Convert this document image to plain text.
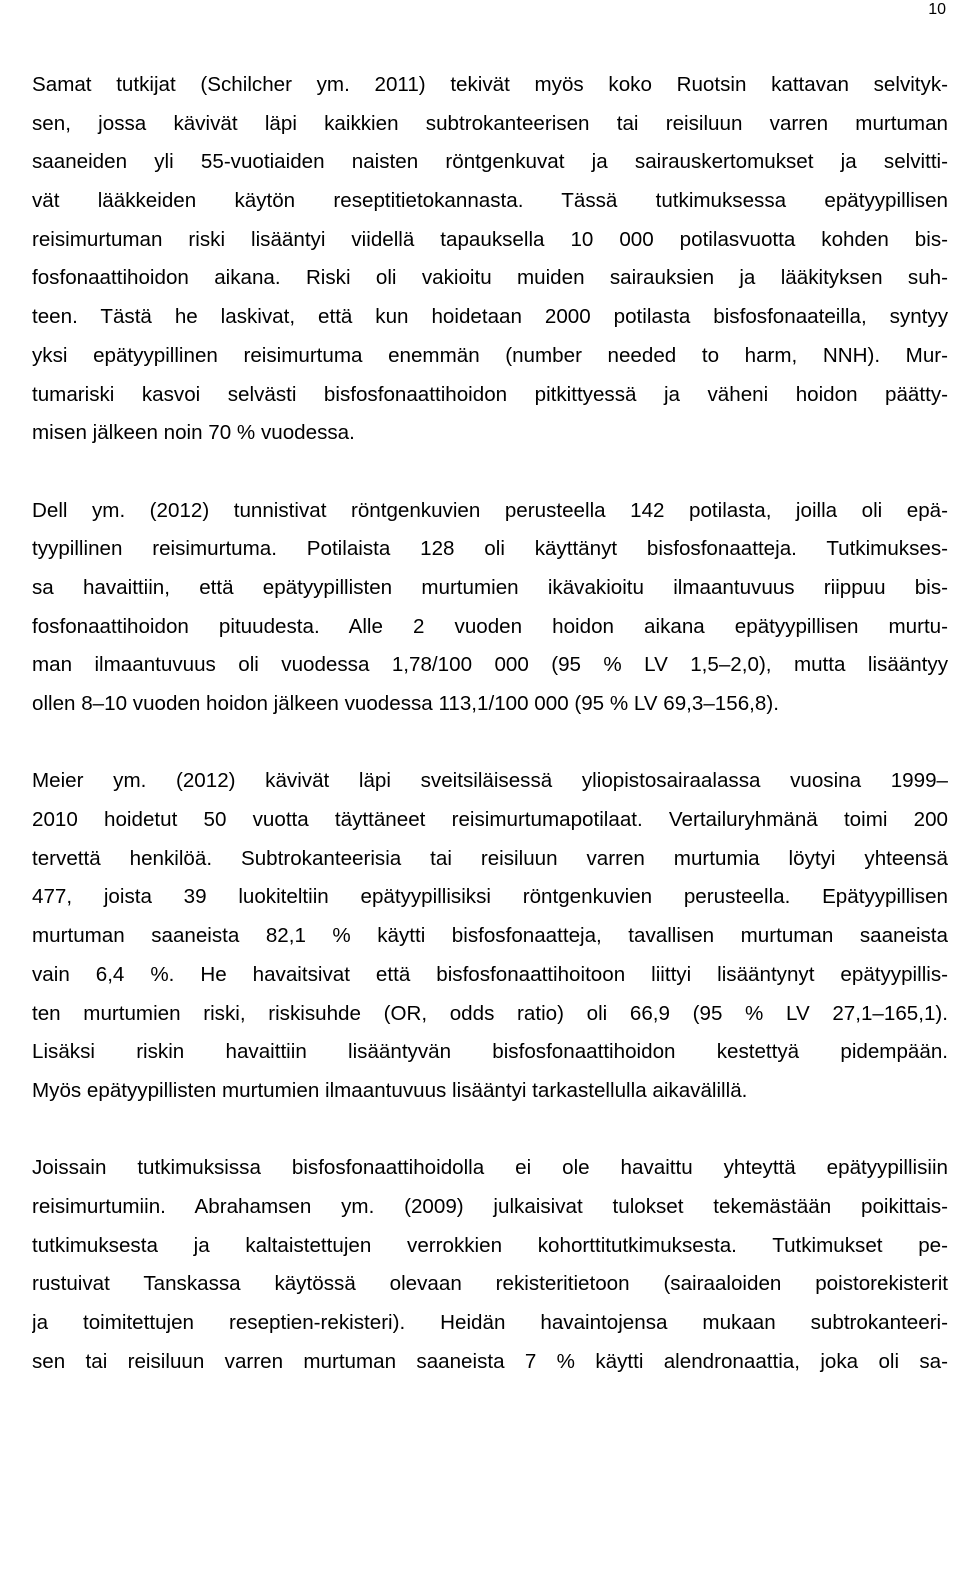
10
Samat tutkijat (Schilcher ym. 2011) tekivät myös koko Ruotsin kattavan selvityk-
sen, jossa kävivät läpi kaikkien subtrokanteerisen tai reisiluun varren murtuman
saaneiden yli 55-vuotiaiden naisten röntgenkuvat ja sairauskertomukset ja selvitti-
vät lääkkeiden käytön reseptitietokannasta. Tässä tutkimuksessa epätyypillisen
reisimurtuman riski lisääntyi viidellä tapauksella 10 000 potilasvuotta kohden bis-
fosfonaattihoidon aikana. Riski oli vakioitu muiden sairauksien ja lääkityksen suh-
teen. Tästä he laskivat, että kun hoidetaan 2000 potilasta bisfosfonaateilla, syntyy
yksi epätyypillinen reisimurtuma enemmän (number needed to harm, NNH). Mur-
tumariski kasvoi selvästi bisfosfonaattihoidon pitkittyessä ja väheni hoidon päätty-
misen jälkeen noin 70 % vuodessa.
Dell ym. (2012) tunnistivat röntgenkuvien perusteella 142 potilasta, joilla oli epä-
tyypillinen reisimurtuma. Potilaista 128 oli käyttänyt bisfosfonaatteja. Tutkimukses-
sa havaittiin, että epätyypillisten murtumien ikävakioitu ilmaantuvuus riippuu bis-
fosfonaattihoidon pituudesta. Alle 2 vuoden hoidon aikana epätyypillisen murtu-
man ilmaantuvuus oli vuodessa 1,78/100 000 (95 % LV 1,5–2,0), mutta lisääntyy
ollen 8–10 vuoden hoidon jälkeen vuodessa 113,1/100 000 (95 % LV 69,3–156,8).
Meier ym. (2012) kävivät läpi sveitsiläisessä yliopistosairaalassa vuosina 1999–
2010 hoidetut 50 vuotta täyttäneet reisimurtumapotilaat. Vertailuryhmänä toimi 200
tervettä henkilöä. Subtrokanteerisia tai reisiluun varren murtumia löytyi yhteensä
477, joista 39 luokiteltiin epätyypillisiksi röntgenkuvien perusteella. Epätyypillisen
murtuman saaneista 82,1 % käytti bisfosfonaatteja, tavallisen murtuman saaneista
vain 6,4 %. He havaitsivat että bisfosfonaattihoitoon liittyi lisääntynyt epätyypillis-
ten murtumien riski, riskisuhde (OR, odds ratio) oli 66,9 (95 % LV 27,1–165,1).
Lisäksi riskin havaittiin lisääntyvän bisfosfonaattihoidon kestettyä pidempään.
Myös epätyypillisten murtumien ilmaantuvuus lisääntyi tarkastellulla aikavälillä.
Joissain tutkimuksissa bisfosfonaattihoidolla ei ole havaittu yhteyttä epätyypillisiin
reisimurtumiin. Abrahamsen ym. (2009) julkaisivat tulokset tekemästään poikittais-
tutkimuksesta ja kaltaistettujen verrokkien kohorttitutkimuksesta. Tutkimukset pe-
rustuivat Tanskassa käytössä olevaan rekisteritietoon (sairaaloiden poistorekisterit
ja toimitettujen reseptien-rekisteri). Heidän havaintojensa mukaan subtrokanteeri-
sen tai reisiluun varren murtuman saaneista 7 % käytti alendronaattia, joka oli sa-
